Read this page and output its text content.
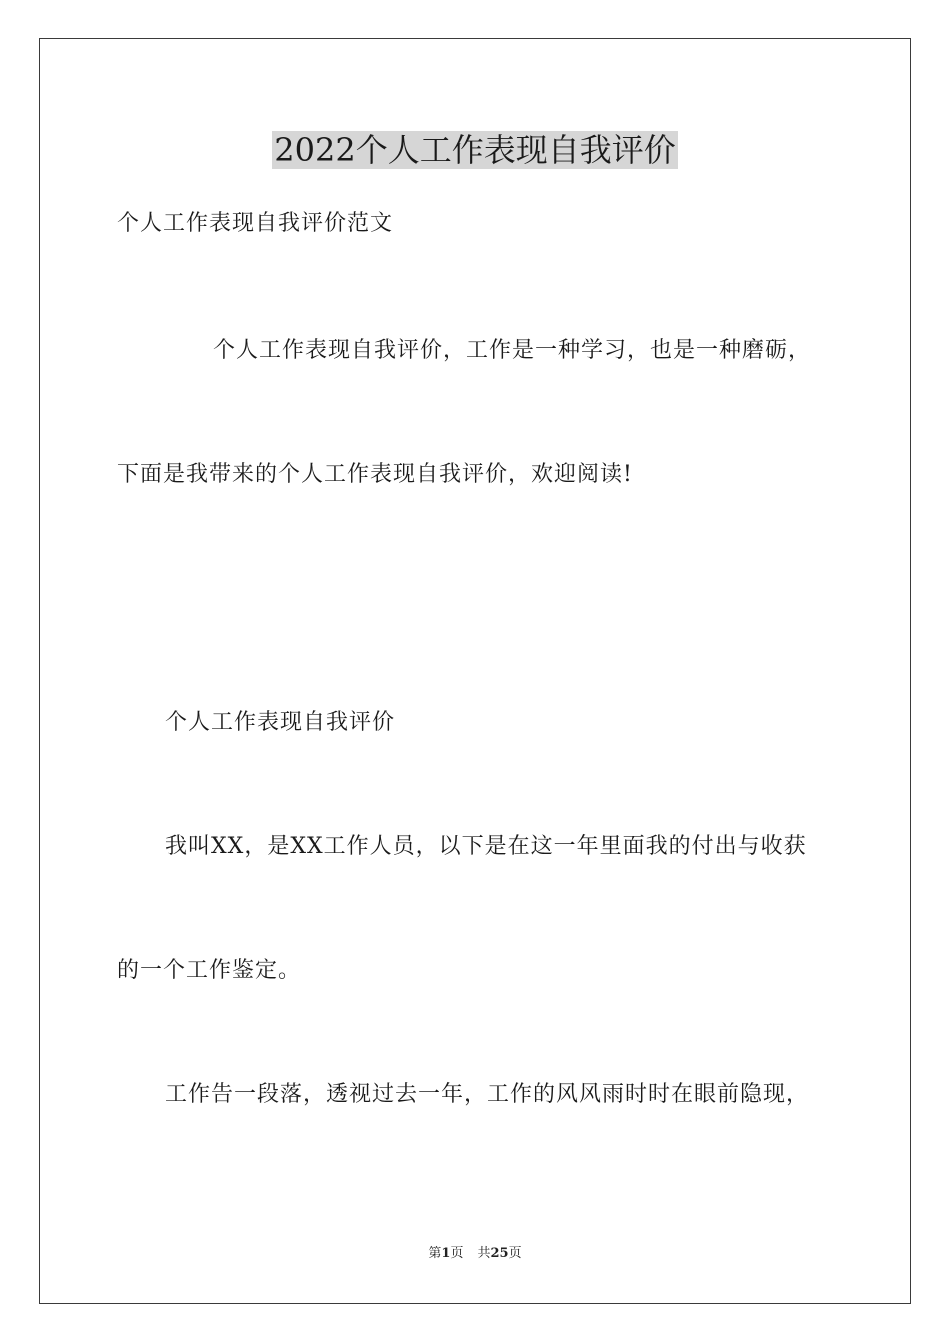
2022个人工作表现自我评价
个人工作表现自我评价范文
个人工作表现自我评价，工作是一种学习，也是一种磨砺，
下面是我带来的个人工作表现自我评价，欢迎阅读!
个人工作表现自我评价
我叫XX，是XX工作人员，以下是在这一年里面我的付出与收获
的一个工作鉴定。
工作告一段落，透视过去一年，工作的风风雨时时在眼前隐现，
第1页 共25页
